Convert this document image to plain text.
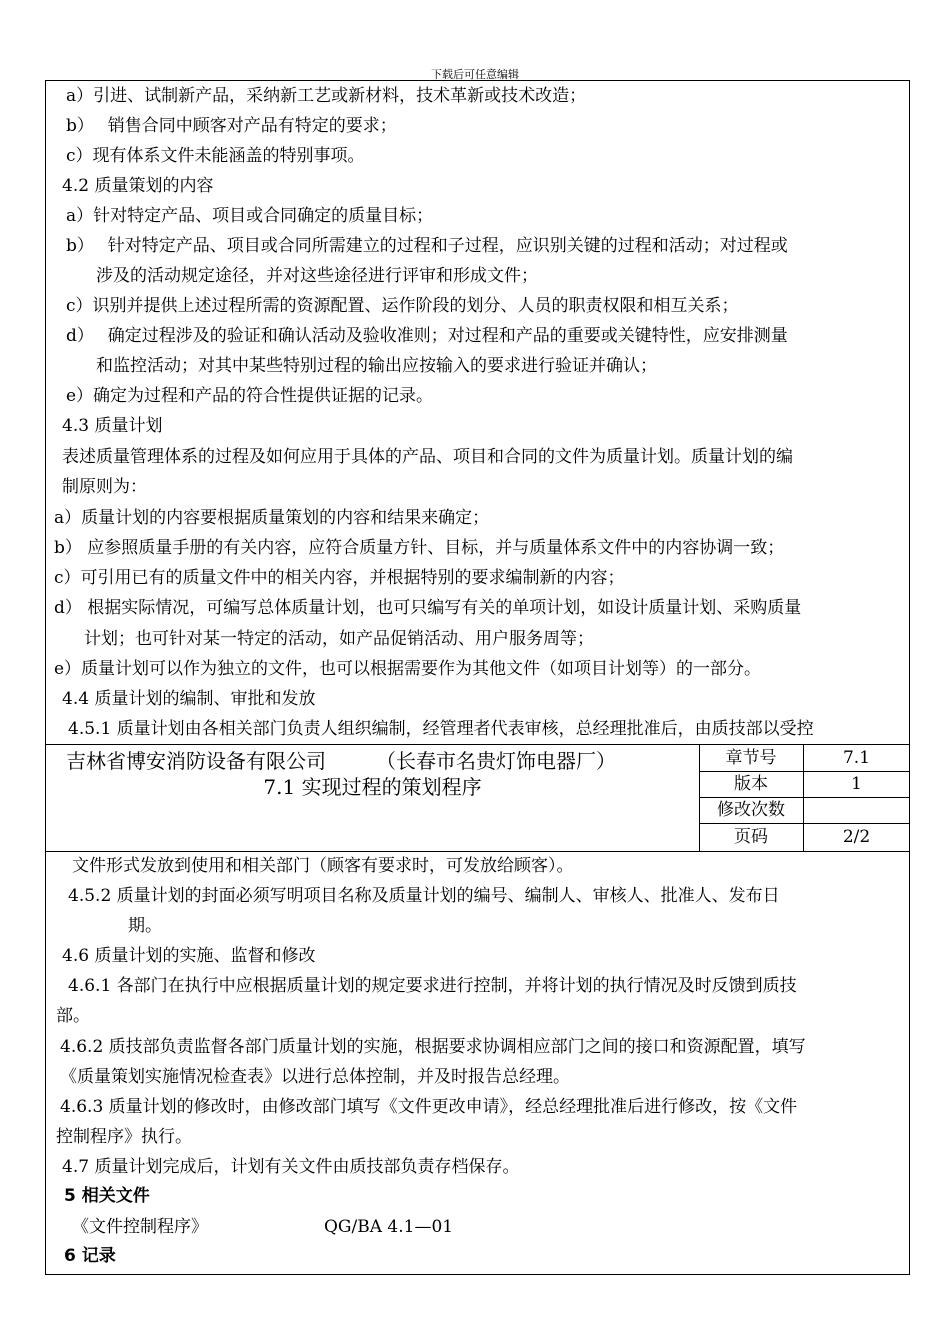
下载后可任意编辑
a）引进、试制新产品，采纳新工艺或新材料，技术革新或技术改造；
b）　 销售合同中顾客对产品有特定的要求；
c）现有体系文件未能涵盖的特别事项。
4.2 质量策划的内容
a）针对特定产品、项目或合同确定的质量目标；
b）　 针对特定产品、项目或合同所需建立的过程和子过程，应识别关键的过程和活动；对过程或
涉及的活动规定途径，并对这些途径进行评审和形成文件；
c）识别并提供上述过程所需的资源配置、运作阶段的划分、人员的职责权限和相互关系；
d）　 确定过程涉及的验证和确认活动及验收准则；对过程和产品的重要或关键特性，应安排测量
和监控活动；对其中某些特别过程的输出应按输入的要求进行验证并确认；
e）确定为过程和产品的符合性提供证据的记录。
4.3 质量计划
表述质量管理体系的过程及如何应用于具体的产品、项目和合同的文件为质量计划。质量计划的编
制原则为：
a）质量计划的内容要根据质量策划的内容和结果来确定；
b） 应参照质量手册的有关内容，应符合质量方针、目标，并与质量体系文件中的内容协调一致；
c）可引用已有的质量文件中的相关内容，并根据特别的要求编制新的内容；
d） 根据实际情况，可编写总体质量计划，也可只编写有关的单项计划，如设计质量计划、采购质量
计划；也可针对某一特定的活动，如产品促销活动、用户服务周等；
e）质量计划可以作为独立的文件，也可以根据需要作为其他文件（如项目计划等）的一部分。
4.4 质量计划的编制、审批和发放
4.5.1 质量计划由各相关部门负责人组织编制，经管理者代表审核，总经理批准后，由质技部以受控
吉林省博安消防设备有限公司　　　（长春市名贵灯饰电器厂）
7.1 实现过程的策划程序
章节号	7.1
版本	1
修改次数
页码	2/2
文件形式发放到使用和相关部门（顾客有要求时，可发放给顾客）。
4.5.2 质量计划的封面必须写明项目名称及质量计划的编号、编制人、审核人、批准人、发布日
期。
4.6 质量计划的实施、监督和修改
4.6.1 各部门在执行中应根据质量计划的规定要求进行控制，并将计划的执行情况及时反馈到质技
部。
4.6.2 质技部负责监督各部门质量计划的实施，根据要求协调相应部门之间的接口和资源配置，填写
《质量策划实施情况检查表》以进行总体控制，并及时报告总经理。
4.6.3 质量计划的修改时，由修改部门填写《文件更改申请》，经总经理批准后进行修改，按《文件
控制程序》执行。
4.7 质量计划完成后，计划有关文件由质技部负责存档保存。
5 相关文件
《文件控制程序》	QG/BA 4.1—01
6 记录
